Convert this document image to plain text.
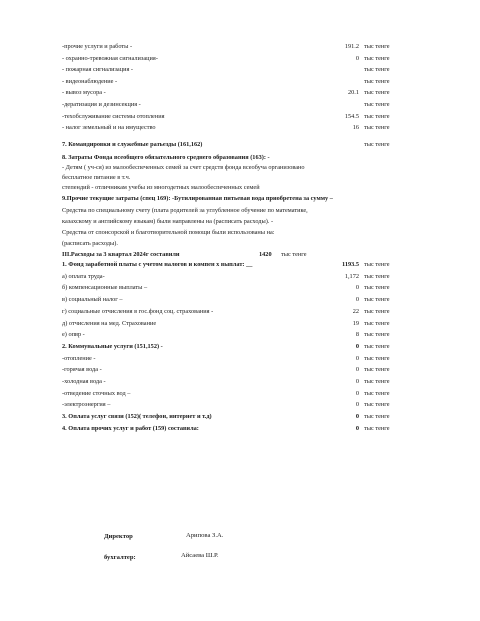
-прочие услуги и работы -	191.2 тыс тенге
- охранно-тревожная сигнализация-	0 тыс тенге
- пожарная сигнализация -	тыс тенге
- видеонаблюдение -	тыс тенге
- вывоз мусора -	20.1 тыс тенге
-дератизация и дезинсекция -	тыс тенге
-техобслуживание системы отопления	154.5 тыс тенге
- налог земельный и на имущество	16 тыс тенге
7. Командировки и служебные разъезды (161,162)	тыс тенге
8. Затраты Фонда всеобщего обязательного среднего образования (163): -
- Детям ( уч-ся) из малообеспеченных семей за счет средств фонда всеобуча организовано
бесплатное питание в т.ч.
степендий - отличникам учебы из многодетных малообеспеченных семей
9.Прочие текущие затраты (спец 169): -Бутилированная питьевая вода приобретена за сумму –
Средства по специальному счету (плата родителей за углубленное обучение по математике,
казахскому и английскому языкам) были направлены на (расписать расходы). -
Средства от спонсорской и благотворительной помощи были использованы на:
(расписать расходы).
III.Расходы за 3 квартал 2024г составили	1420 тыс тенге
1. Фонд заработной платы с учетом налогов и компен х выплат: __	1193.5 тыс тенге
а) оплата труда-	1,172 тыс тенге
б) компенсационные выплаты –	0 тыс тенге
в) социальный налог –	0 тыс тенге
г) социальные отчисления в гос.фонд соц. страхования -	22 тыс тенге
д) отчисления на мед. Страхование	19 тыс тенге
е) опвр -	8 тыс тенге
2. Коммунальные услуги (151,152) -	0 тыс тенге
-отопление -	0 тыс тенге
-горячая вода -	0 тыс тенге
-холодная вода -	0 тыс тенге
-отведение сточных вод –	0 тыс тенге
-электроэнергия –	0 тыс тенге
3. Оплата услуг связи (152)( телефон, интернет и т.д)	0 тыс тенге
4. Оплата прочих услуг и работ (159) составила:	0 тыс тенге
Директор	Арипова З.А.
бухгалтер:	Айсаева Ш.Р.
